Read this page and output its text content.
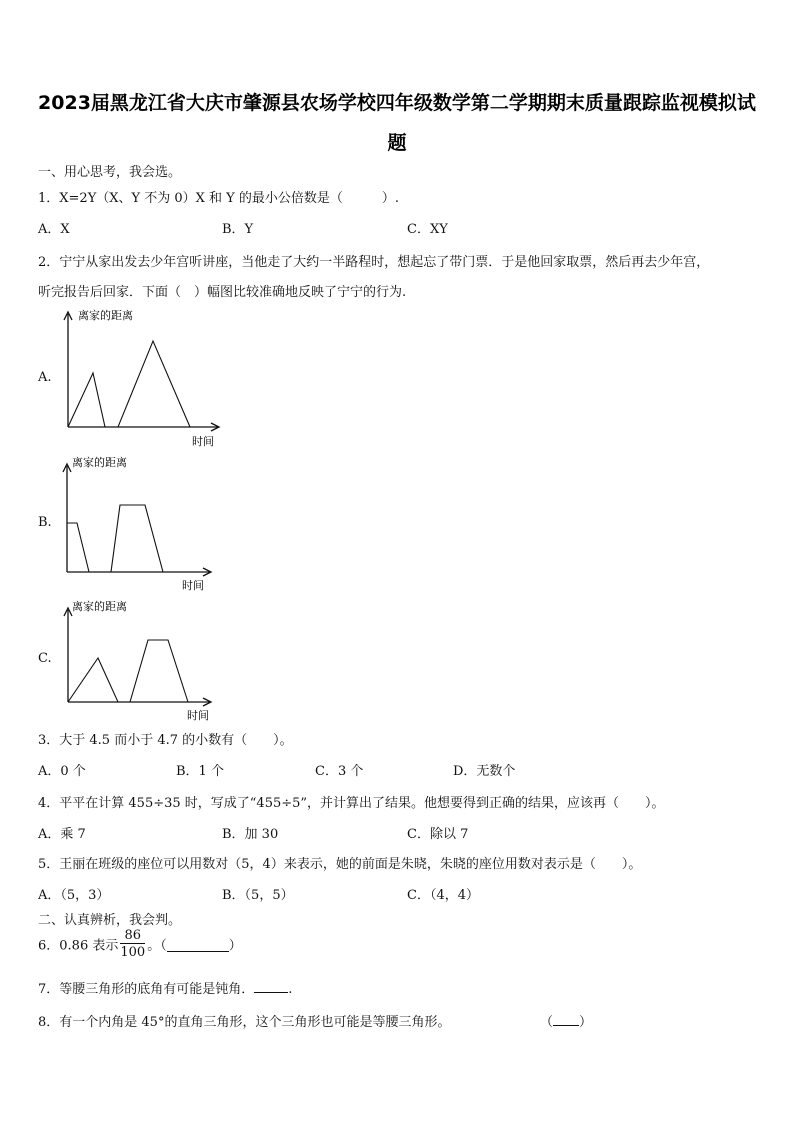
2023届黑龙江省大庆市肇源县农场学校四年级数学第二学期期末质量跟踪监视模拟试
题
一、用心思考，我会选。
1．X=2Y（X、Y 不为 0）X 和 Y 的最小公倍数是（　　　）.
A．X	B．Y	C．XY
2．宁宁从家出发去少年宫听讲座，当他走了大约一半路程时，想起忘了带门票．于是他回家取票，然后再去少年宫，
听完报告后回家．下面（　）幅图比较准确地反映了宁宁的行为.
A.
离家的距离
时间
B.
离家的距离
时间
C.
离家的距离
时间
3．大于 4.5 而小于 4.7 的小数有（　　）。
A．0 个	B．1 个	C．3 个	D．无数个
4．平平在计算 455÷35 时，写成了“455÷5”，并计算出了结果。他想要得到正确的结果，应该再（　　）。
A．乘 7	B．加 30	C．除以 7
5．王丽在班级的座位可以用数对（5，4）来表示，她的前面是朱晓，朱晓的座位用数对表示是（　　）。
A．（5，3）	B．（5，5）	C．（4，4）
二、认真辨析，我会判。
6．0.86 表示 $\frac{86}{100}$ 。（	）
7．等腰三角形的底角有可能是钝角．	.
8．有一个内角是 45°的直角三角形，这个三角形也可能是等腰三角形。	（ ）
